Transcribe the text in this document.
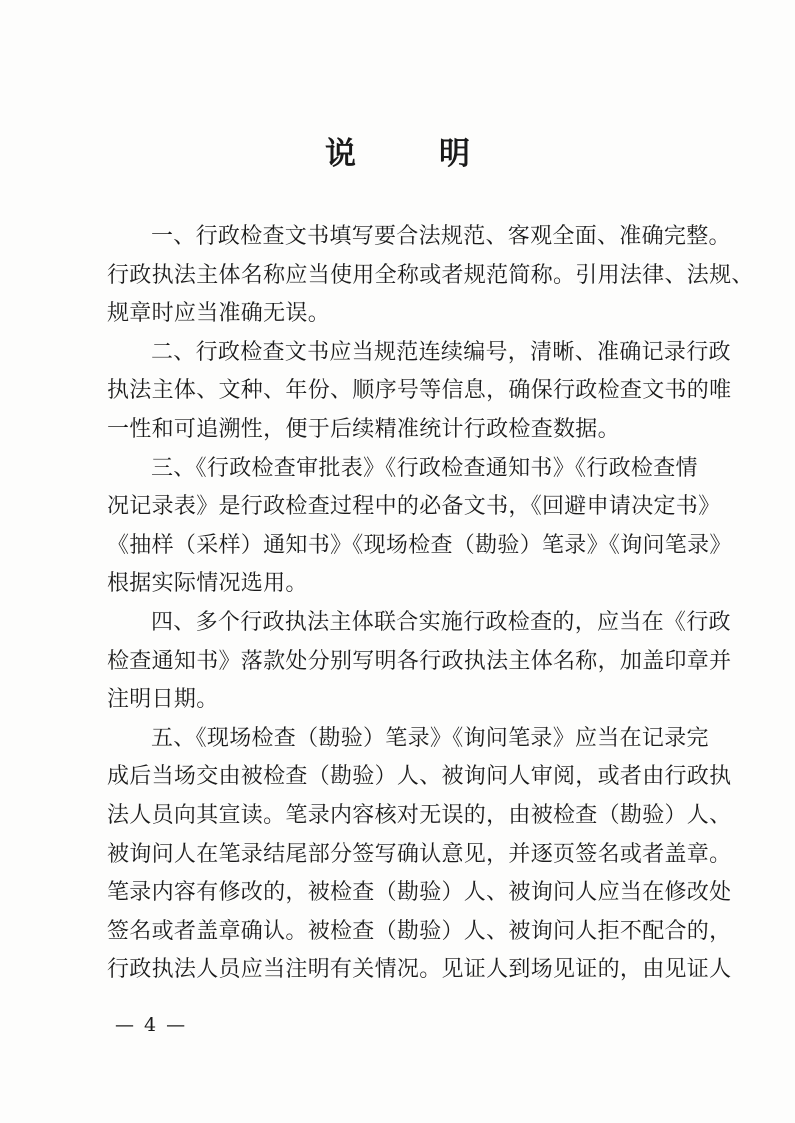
说　明
一、行政检查文书填写要合法规范、客观全面、准确完整。
行政执法主体名称应当使用全称或者规范简称。引用法律、法规、
规章时应当准确无误。
二、行政检查文书应当规范连续编号，清晰、准确记录行政
执法主体、文种、年份、顺序号等信息，确保行政检查文书的唯
一性和可追溯性，便于后续精准统计行政检查数据。
三、《行政检查审批表》《行政检查通知书》《行政检查情
况记录表》是行政检查过程中的必备文书，《回避申请决定书》
《抽样（采样）通知书》《现场检查（勘验）笔录》《询问笔录》
根据实际情况选用。
四、多个行政执法主体联合实施行政检查的，应当在《行政
检查通知书》落款处分别写明各行政执法主体名称，加盖印章并
注明日期。
五、《现场检查（勘验）笔录》《询问笔录》应当在记录完
成后当场交由被检查（勘验）人、被询问人审阅，或者由行政执
法人员向其宣读。笔录内容核对无误的，由被检查（勘验）人、
被询问人在笔录结尾部分签写确认意见，并逐页签名或者盖章。
笔录内容有修改的，被检查（勘验）人、被询问人应当在修改处
签名或者盖章确认。被检查（勘验）人、被询问人拒不配合的，
行政执法人员应当注明有关情况。见证人到场见证的，由见证人
— 4 —
